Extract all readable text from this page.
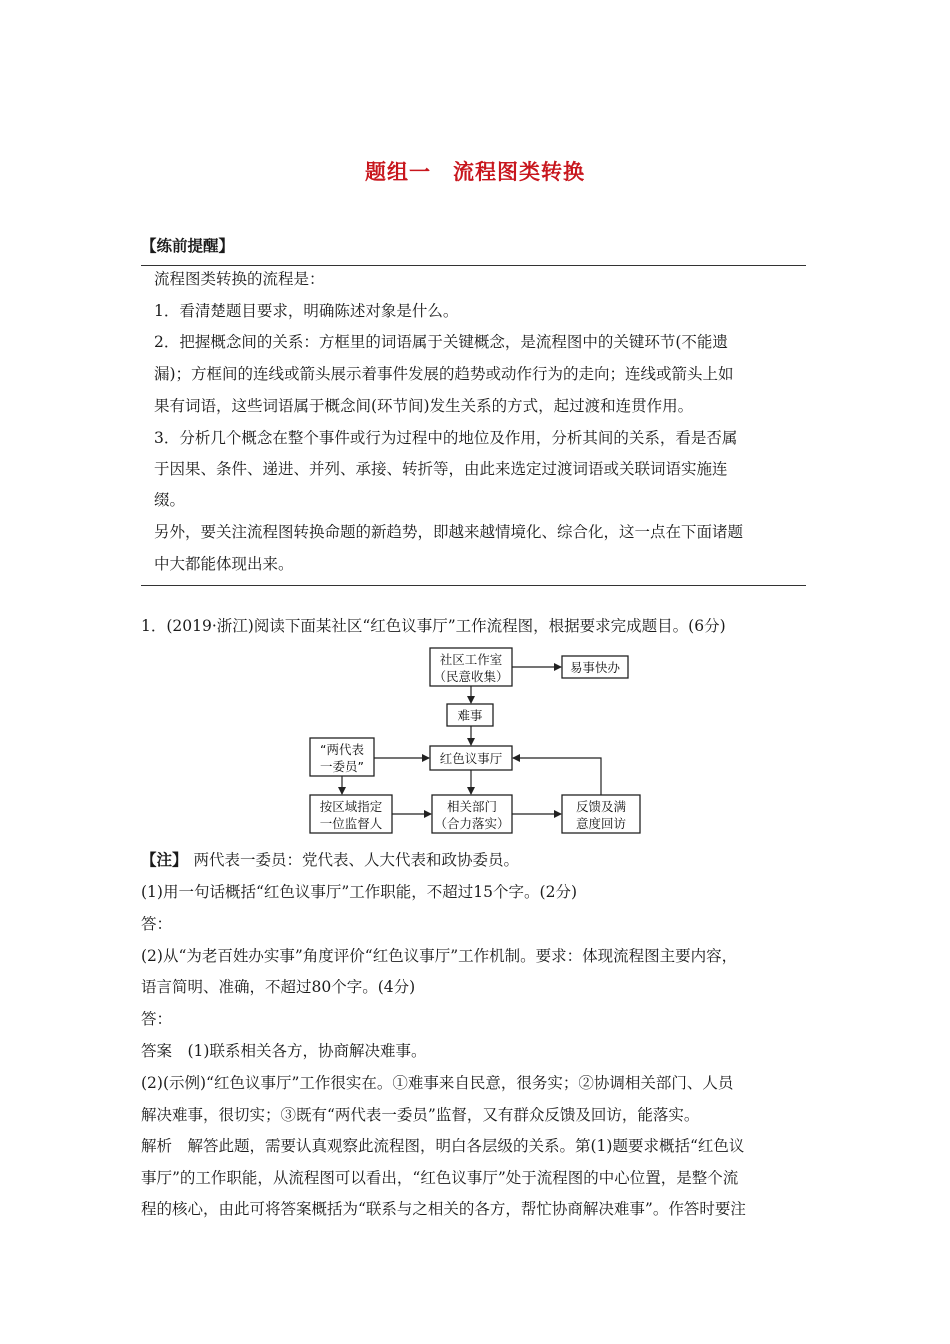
题组一 流程图类转换
【练前提醒】
流程图类转换的流程是：
1．看清楚题目要求，明确陈述对象是什么。
2．把握概念间的关系：方框里的词语属于关键概念，是流程图中的关键环节(不能遗
漏)；方框间的连线或箭头展示着事件发展的趋势或动作行为的走向；连线或箭头上如
果有词语，这些词语属于概念间(环节间)发生关系的方式，起过渡和连贯作用。
3．分析几个概念在整个事件或行为过程中的地位及作用，分析其间的关系，看是否属
于因果、条件、递进、并列、承接、转折等，由此来选定过渡词语或关联词语实施连
缀。
另外，要关注流程图转换命题的新趋势，即越来越情境化、综合化，这一点在下面诸题
中大都能体现出来。
1．(2019·浙江)阅读下面某社区“红色议事厅”工作流程图，根据要求完成题目。(6分)
社区工作室
（民意收集）
易事快办
难事
红色议事厅
“两代表
一委员”
按区域指定
一位监督人
相关部门
（合力落实）
反馈及满
意度回访
【注】 两代表一委员：党代表、人大代表和政协委员。
(1)用一句话概括“红色议事厅”工作职能，不超过15个字。(2分)
答：
(2)从“为老百姓办实事”角度评价“红色议事厅”工作机制。要求：体现流程图主要内容，
语言简明、准确，不超过80个字。(4分)
答：
答案　(1)联系相关各方，协商解决难事。
(2)(示例)“红色议事厅”工作很实在。①难事来自民意，很务实；②协调相关部门、人员
解决难事，很切实；③既有“两代表一委员”监督，又有群众反馈及回访，能落实。
解析　解答此题，需要认真观察此流程图，明白各层级的关系。第(1)题要求概括“红色议
事厅”的工作职能，从流程图可以看出，“红色议事厅”处于流程图的中心位置，是整个流
程的核心，由此可将答案概括为“联系与之相关的各方，帮忙协商解决难事”。作答时要注
